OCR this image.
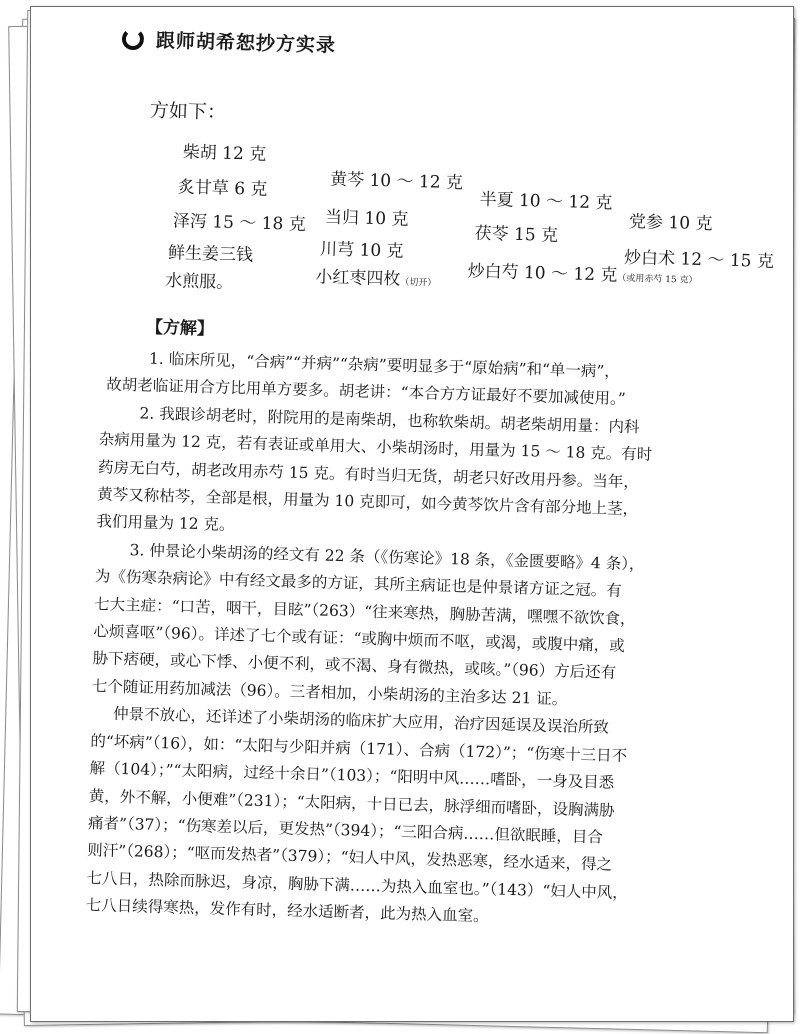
跟师胡希恕抄方实录
方如下：
柴胡 12 克
黄芩 10 ～ 12 克
炙甘草 6 克
半夏 10 ～ 12 克
党参 10 克
泽泻 15 ～ 18 克 当归 10 克
茯苓 15 克
川芎 10 克	炒白术 12 ～ 15 克
鲜生姜三钱
炒白芍 10 ～ 12 克（或用赤芍 15 克）
小红枣四枚（切开）
水煎服。
【方解】

1. 临床所见，“合病”“并病”“杂病”要明显多于“原始病”和“单一病”，

故胡老临证用合方比用单方要多。胡老讲：“本合方方证最好不要加减使用。”

2. 我跟诊胡老时，附院用的是南柴胡，也称软柴胡。胡老柴胡用量：内科

杂病用量为 12 克，若有表证或单用大、小柴胡汤时，用量为 15 ～ 18 克。有时

药房无白芍，胡老改用赤芍 15 克。有时当归无货，胡老只好改用丹参。当年，

黄芩又称枯芩，全部是根，用量为 10 克即可，如今黄芩饮片含有部分地上茎，

我们用量为 12 克。

3. 仲景论小柴胡汤的经文有 22 条（《伤寒论》18 条，《金匮要略》4 条），

为《伤寒杂病论》中有经文最多的方证，其所主病证也是仲景诸方证之冠。有

七大主症：“口苦，咽干，目眩”（263）“往来寒热，胸胁苦满，嘿嘿不欲饮食，

心烦喜呕”（96）。详述了七个或有证：“或胸中烦而不呕，或渴，或腹中痛，或

胁下痞硬，或心下悸、小便不利，或不渴、身有微热，或咳。”（96）方后还有

七个随证用药加减法（96）。三者相加，小柴胡汤的主治多达 21 证。

仲景不放心，还详述了小柴胡汤的临床扩大应用，治疗因延误及误治所致

的“坏病”（16），如：“太阳与少阳并病（171）、合病（172）”；“伤寒十三日不

解（104）；”“太阳病，过经十余日”（103）；“阳明中风……嗜卧，一身及目悉

黄，外不解，小便难”（231）；“太阳病，十日已去，脉浮细而嗜卧，设胸满胁

痛者”（37）；“伤寒差以后，更发热”（394）；“三阳合病……但欲眠睡，目合

则汗”（268）；“呕而发热者”（379）；“妇人中风，发热恶寒，经水适来，得之

七八日，热除而脉迟，身凉，胸胁下满……为热入血室也。”（143）“妇人中风，

七八日续得寒热，发作有时，经水适断者，此为热入血室。
